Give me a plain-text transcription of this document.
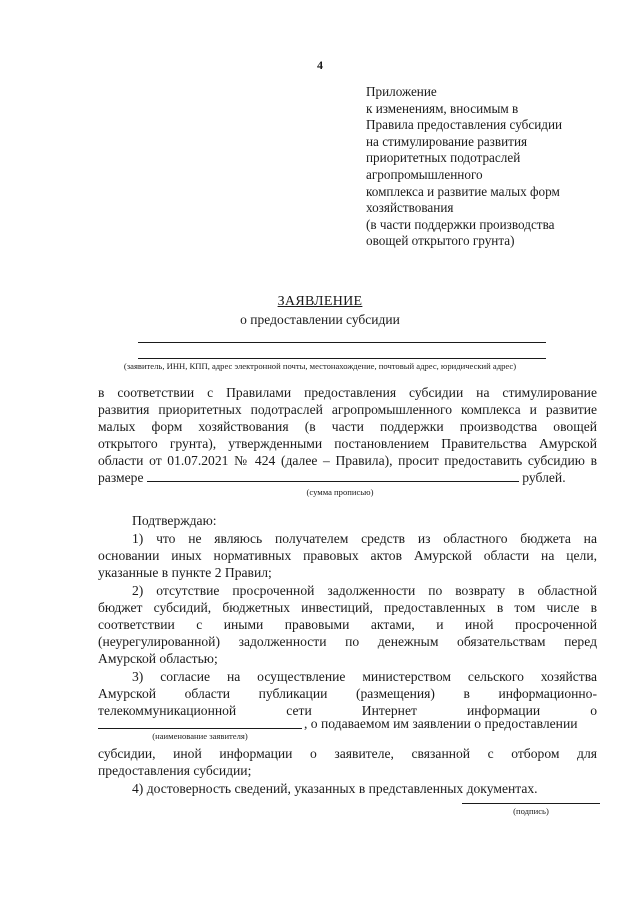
4
Приложение
к изменениям, вносимым в
Правила предоставления субсидии
на стимулирование развития
приоритетных подотраслей
агропромышленного
комплекса и развитие малых форм
хозяйствования
(в части поддержки производства
овощей открытого грунта)
ЗАЯВЛЕНИЕ
о предоставлении субсидии
(заявитель, ИНН, КПП, адрес электронной почты, местонахождение, почтовый адрес, юридический адрес)
в соответствии с Правилами предоставления субсидии на стимулирование
развития приоритетных подотраслей агропромышленного комплекса и развитие
малых форм хозяйствования (в части поддержки производства овощей
открытого грунта), утвержденными постановлением Правительства Амурской
области от 01.07.2021 № 424 (далее – Правила), просит предоставить субсидию в
размере	рублей.
(сумма прописью)
Подтверждаю:
1) что не являюсь получателем средств из областного бюджета на
основании иных нормативных правовых актов Амурской области на цели,
указанные в пункте 2 Правил;
2) отсутствие просроченной задолженности по возврату в областной
бюджет субсидий, бюджетных инвестиций, предоставленных в том числе в
соответствии с иными правовыми актами, и иной просроченной
(неурегулированной) задолженности по денежным обязательствам перед
Амурской областью;
3) согласие на осуществление министерством сельского хозяйства
Амурской области публикации (размещения) в информационно-
телекоммуникационной сети Интернет информации о
, о подаваемом им заявлении о предоставлении
(наименование заявителя)
субсидии, иной информации о заявителе, связанной с отбором для
предоставления субсидии;
4) достоверность сведений, указанных в представленных документах.
(подпись)
